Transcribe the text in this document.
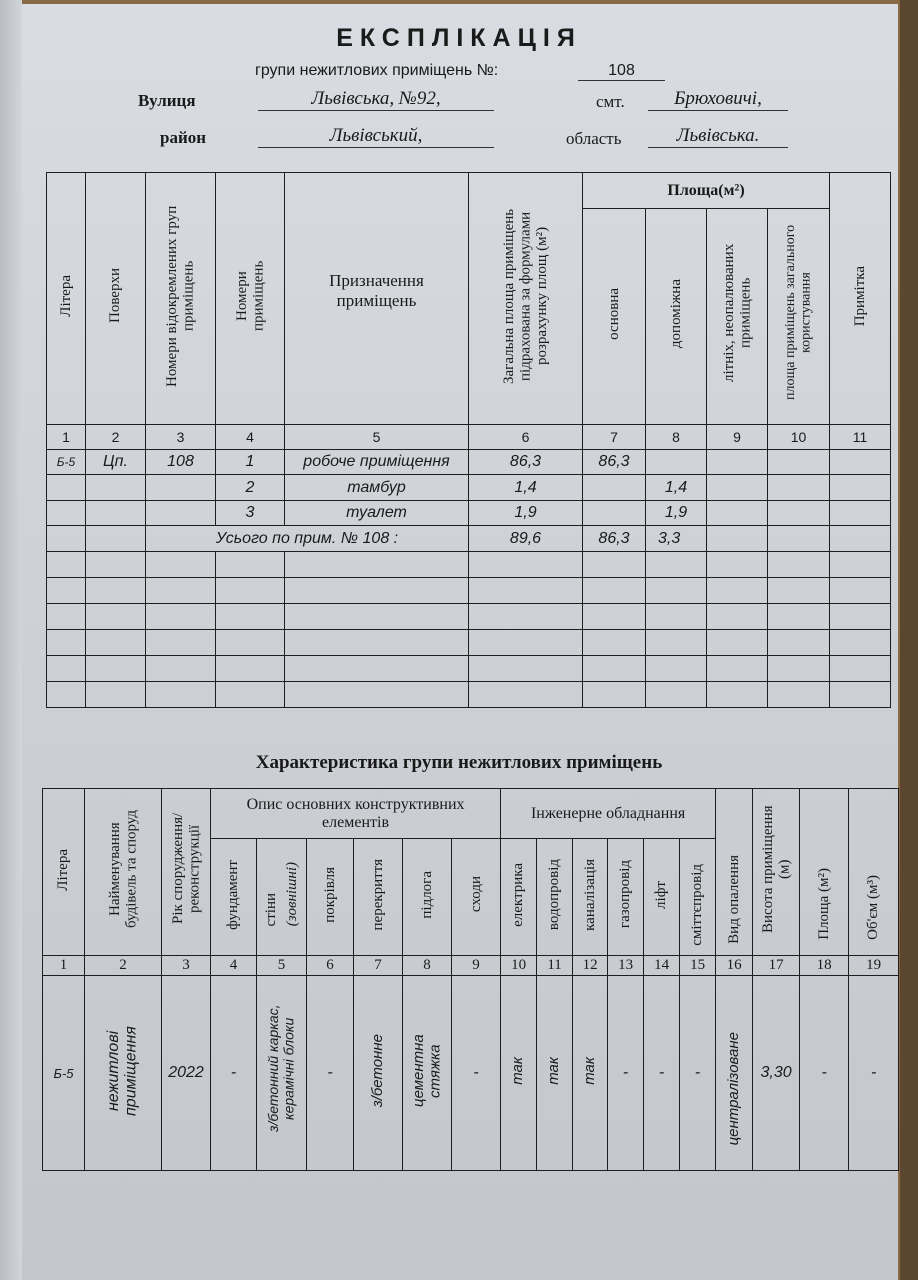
ЕКСПЛІКАЦІЯ
групи нежитлових приміщень №:	108
Вулиця	Львівська, №92,	смт.	Брюховичі,
район	Львівський,	область	Львівська.
Літера	Поверхи	Номери відокремлених груп приміщень	Номери приміщень	Призначення приміщень	Загальна площа приміщень підрахована за формулами розрахунку площ (м²)	Площа(м²)				Примітка
						основна	допоміжна	літніх, неопалюваних приміщень	площа приміщень загального користування	
1	2	3	4	5	6	7	8	9	10	11
Б-5	Цп.	108	1	робоче приміщення	86,3	86,3				
			2	тамбур	1,4		1,4			
			3	туалет	1,9		1,9			
		Усього по прим. № 108 :			89,6	86,3	3,3			

Характеристика групи нежитлових приміщень
Літера	Найменування будівель та споруд	Рік спорудження/ реконструкції	Опис основних конструктивних елементів						Інженерне обладнання						Вид опалення	Висота приміщення (м)	Площа (м²)	Об'єм (м³)
			фундамент	стіни (зовнішні)	покрівля	перекриття	підлога	сходи	електрика	водопровід	каналізація	газопровід	ліфт	сміттєпровід				
1	2	3	4	5	6	7	8	9	10	11	12	13	14	15	16	17	18	19
Б-5	нежитлові приміщення	2022	-	з/бетонний каркас, керамічні блоки	-	з/бетонне	цементна стяжка	-	так	так	так	-	-	-	централізоване	3,30	-	-
